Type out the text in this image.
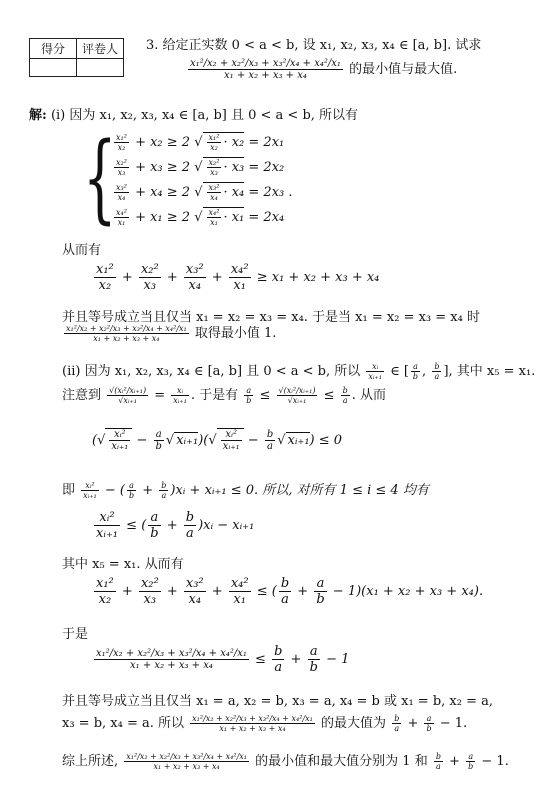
得分	评卷人
	3. 给定正实数 0 < a < b, 设 x₁, x₂, x₃, x₄ ∈ [a, b]. 试求
$\frac{\text{x₁²/x₂ + x₂²/x₃ + x₃²/x₄ + x₄²/x₁}}{\text{x₁ + x₂ + x₃ + x₄}}$ 的最小值与最大值.
解: (i) 因为 x₁, x₂, x₃, x₄ ∈ [a, b] 且 0 < a < b, 所以有
{
$\frac{\text{x₁²}}{\text{x₂}} + x_2 \ge 2$ √ $\frac{\text{x₁²}}{\text{x₂}} \cdot x_2 = 2x_1$
$\frac{\text{x₂²}}{\text{x₃}} + x_3 \ge 2$ √ $\frac{\text{x₂²}}{\text{x₃}} \cdot x_3 = 2x_2$
$\frac{\text{x₃²}}{\text{x₄}} + x_4 \ge 2$ √ $\frac{\text{x₃²}}{\text{x₄}} \cdot x_4 = 2x_3$ .
$\frac{\text{x₄²}}{\text{x₁}} + x_1 \ge 2$ √ $\frac{\text{x₄²}}{\text{x₁}} \cdot x_1 = 2x_4$
从而有
$\frac{\text{x₁²}}{\text{x₂}} + \frac{\text{x₂²}}{\text{x₃}} + \frac{\text{x₃²}}{\text{x₄}} + \frac{\text{x₄²}}{\text{x₁}} \ge x_1 + x_2 + x_3 + x_4$
并且等号成立当且仅当 x₁ = x₂ = x₃ = x₄. 于是当 x₁ = x₂ = x₃ = x₄ 时
$\frac{\text{x₁²/x₂ + x₂²/x₃ + x₃²/x₄ + x₄²/x₁}}{\text{x₁ + x₂ + x₃ + x₄}}$ 取得最小值 1.
(ii) 因为 x₁, x₂, x₃, x₄ ∈ [a, b] 且 0 < a < b, 所以 $\frac{\text{xᵢ}}{\text{xᵢ₊₁}}$ ∈ [ $\frac{a}{b}$ , $\frac{b}{a}$ ], 其中 x₅ = x₁.
注意到 $\frac{\text{√(xᵢ²/xᵢ₊₁)}}{\text{√xᵢ₊₁}} = \frac{\text{xᵢ}}{\text{xᵢ₊₁}}$ . 于是有 $\frac{a}{b} \le \frac{\text{√(xᵢ²/xᵢ₊₁)}}{\text{√xᵢ₊₁}} \le \frac{b}{a}$ . 从而
(√ $\frac{\text{xᵢ²}}{\text{xᵢ₊₁}} - \frac{a}{b}$ √ xᵢ₊₁)(√ $\frac{\text{xᵢ²}}{\text{xᵢ₊₁}} - \frac{b}{a}$ √ xᵢ₊₁) ≤ 0
即 $\frac{\text{xᵢ²}}{\text{xᵢ₊₁}}$ − ( $\frac{a}{b} + \frac{b}{a}$ )xᵢ + xᵢ₊₁ ≤ 0. 所以, 对所有 1 ≤ i ≤ 4 均有
$\frac{\text{xᵢ²}}{\text{xᵢ₊₁}}$ ≤ ( $\frac{a}{b} + \frac{b}{a}$ )xᵢ − xᵢ₊₁
其中 x₅ = x₁. 从而有
$\frac{\text{x₁²}}{\text{x₂}} + \frac{\text{x₂²}}{\text{x₃}} + \frac{\text{x₃²}}{\text{x₄}} + \frac{\text{x₄²}}{\text{x₁}}$ ≤ ( $\frac{b}{a} + \frac{a}{b} - 1)(x_1 + x_2 + x_3 + x_4)$.
于是
$\frac{\text{x₁²/x₂ + x₂²/x₃ + x₃²/x₄ + x₄²/x₁}}{\text{x₁ + x₂ + x₃ + x₄}} \le \frac{b}{a} + \frac{a}{b} - 1$
并且等号成立当且仅当 x₁ = a, x₂ = b, x₃ = a, x₄ = b 或 x₁ = b, x₂ = a,
x₃ = b, x₄ = a. 所以 $\frac{\text{x₁²/x₂ + x₂²/x₃ + x₃²/x₄ + x₄²/x₁}}{\text{x₁ + x₂ + x₃ + x₄}}$ 的最大值为 $\frac{b}{a} + \frac{a}{b} - 1$.
综上所述, $\frac{\text{x₁²/x₂ + x₂²/x₃ + x₃²/x₄ + x₄²/x₁}}{\text{x₁ + x₂ + x₃ + x₄}}$ 的最小值和最大值分别为 1 和 $\frac{b}{a} + \frac{a}{b} - 1$.
